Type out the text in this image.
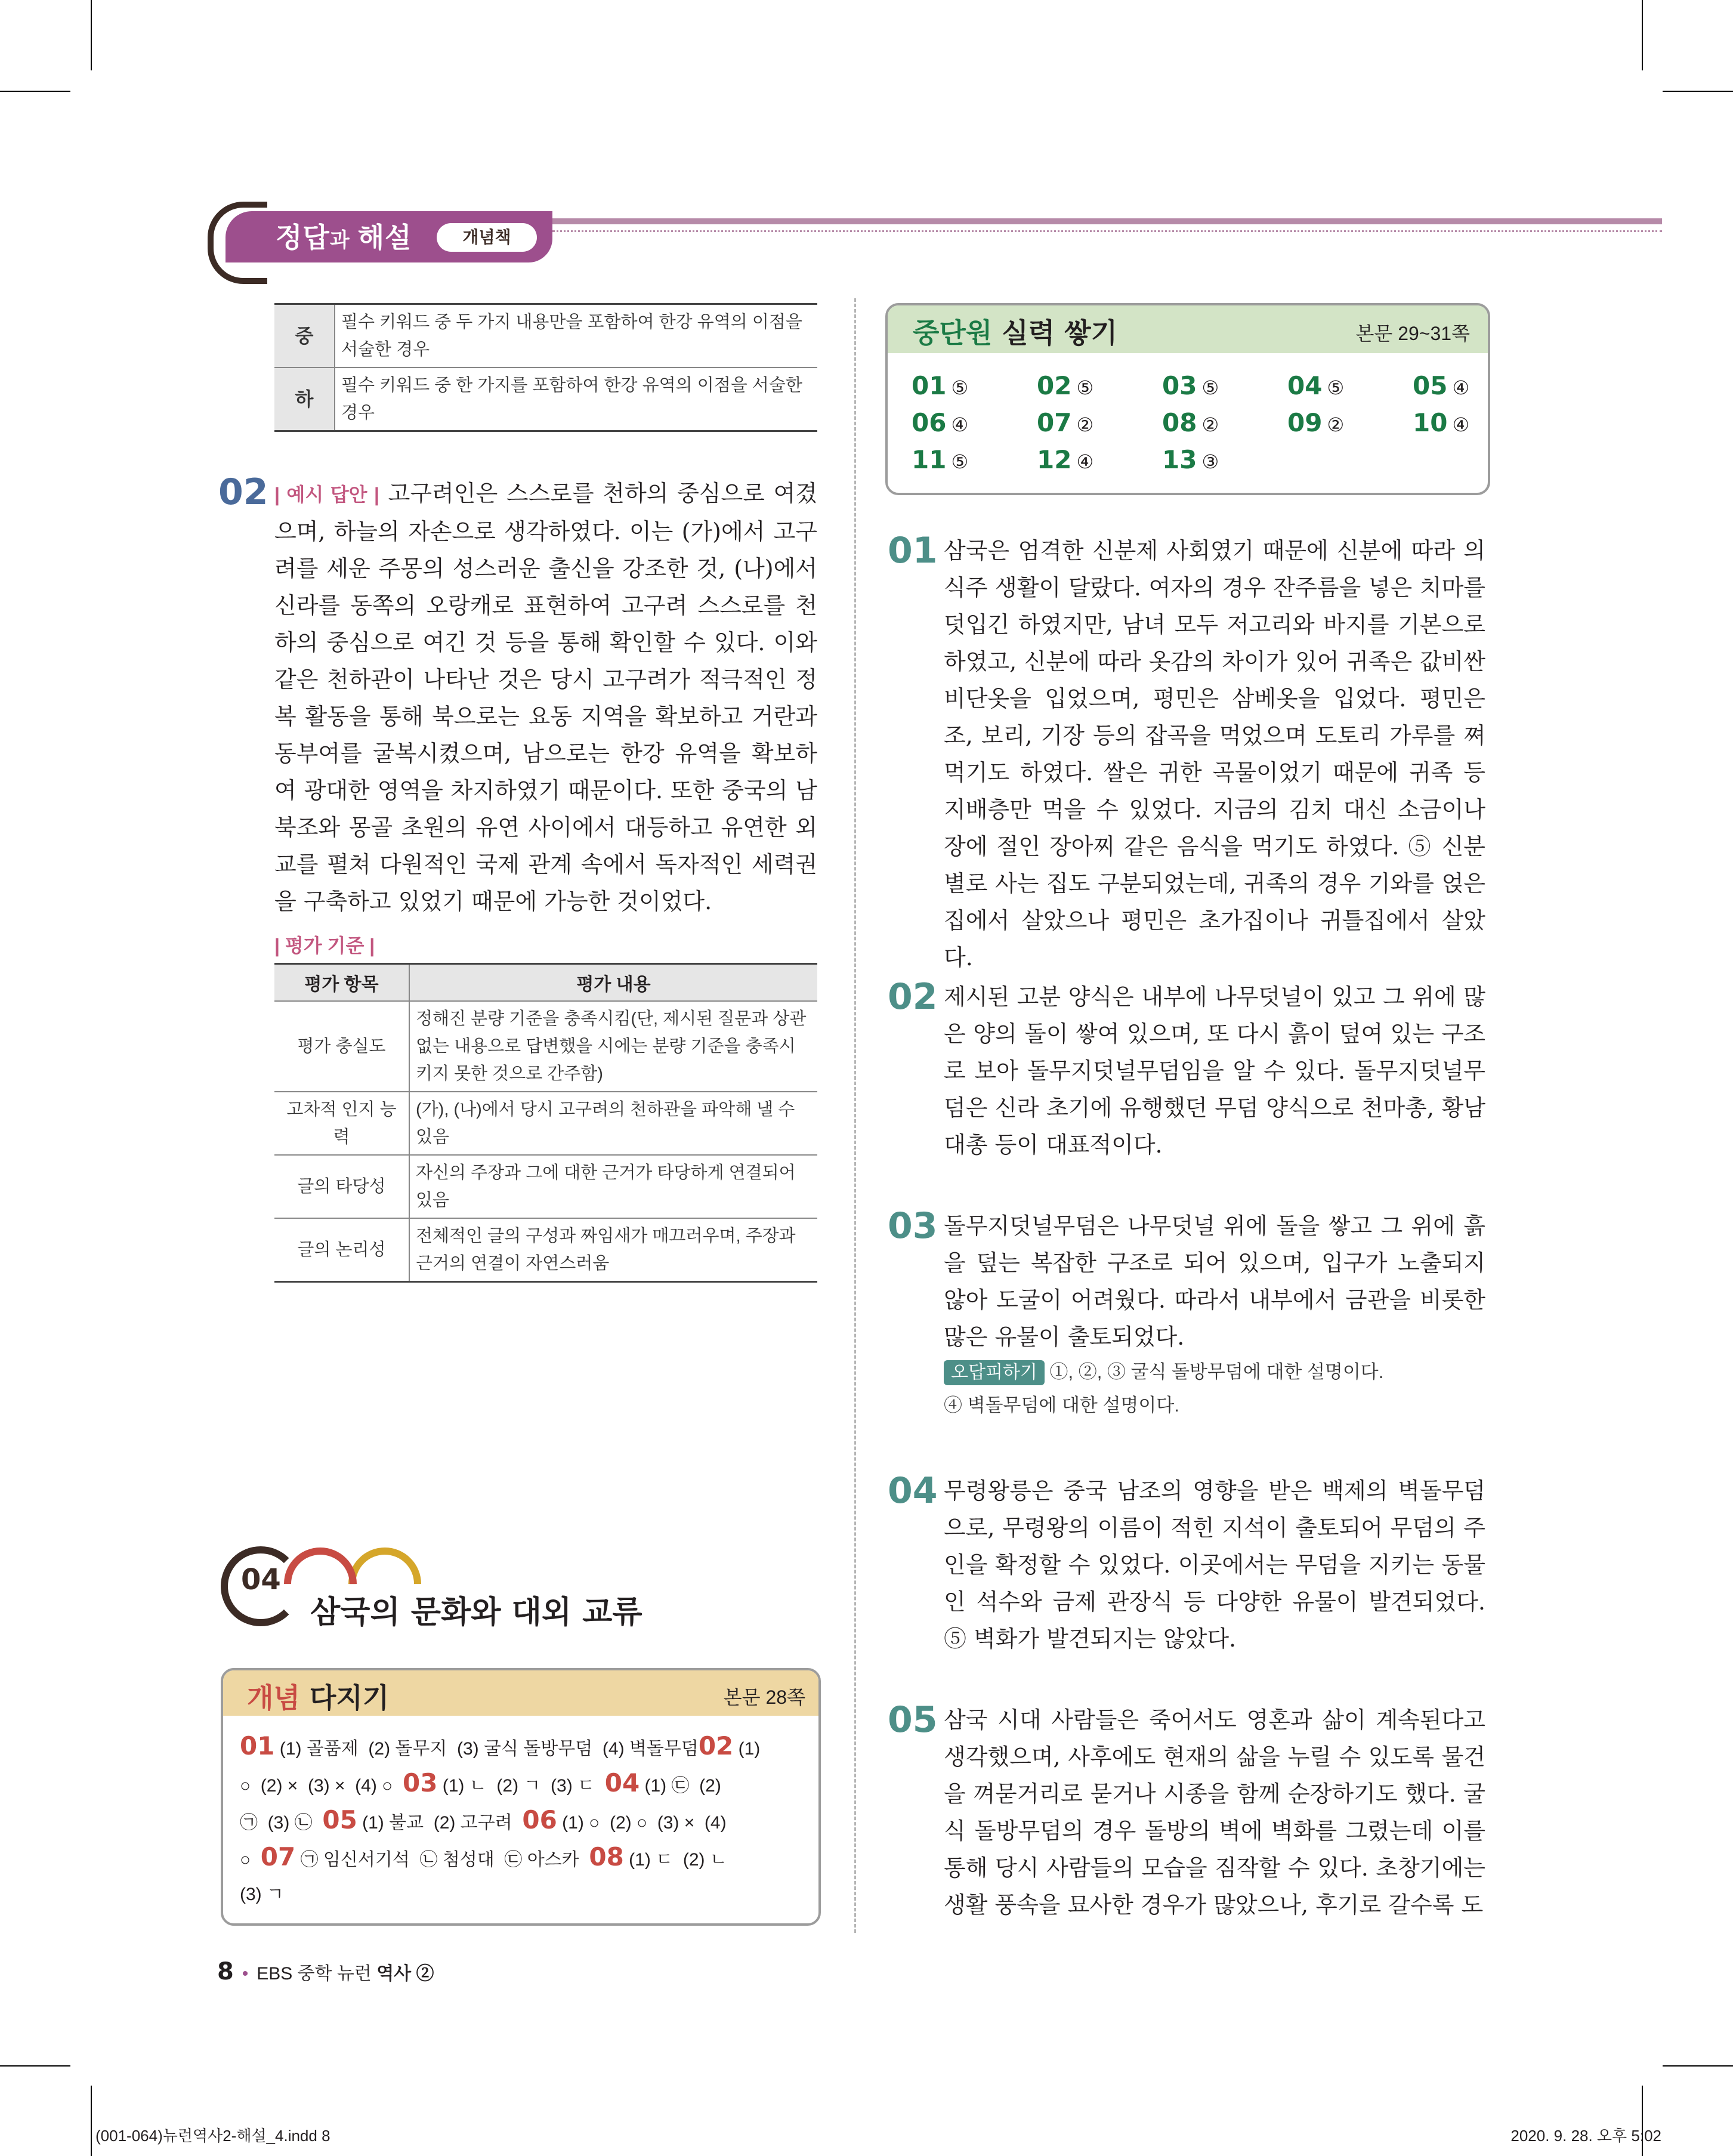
정답과 해설	개념책
중	필수 키워드 중 두 가지 내용만을 포함하여 한강 유역의 이점을 서술한 경우
하	필수 키워드 중 한 가지를 포함하여 한강 유역의 이점을 서술한 경우
02 | 예시 답안 | 고구려인은 스스로를 천하의 중심으로 여겼으며, 하늘의 자손으로 생각하였다. 이는 (가)에서 고구려를 세운 주몽의 성스러운 출신을 강조한 것, (나)에서 신라를 동쪽의 오랑캐로 표현하여 고구려 스스로를 천하의 중심으로 여긴 것 등을 통해 확인할 수 있다. 이와 같은 천하관이 나타난 것은 당시 고구려가 적극적인 정복 활동을 통해 북으로는 요동 지역을 확보하고 거란과 동부여를 굴복시켰으며, 남으로는 한강 유역을 확보하여 광대한 영역을 차지하였기 때문이다. 또한 중국의 남북조와 몽골 초원의 유연 사이에서 대등하고 유연한 외교를 펼쳐 다원적인 국제 관계 속에서 독자적인 세력권을 구축하고 있었기 때문에 가능한 것이었다.
| 평가 기준 |
평가 항목	평가 내용
평가 충실도	정해진 분량 기준을 충족시킴(단, 제시된 질문과 상관없는 내용으로 답변했을 시에는 분량 기준을 충족시키지 못한 것으로 간주함)
고차적 인지 능력	(가), (나)에서 당시 고구려의 천하관을 파악해 낼 수 있음
글의 타당성	자신의 주장과 그에 대한 근거가 타당하게 연결되어 있음
글의 논리성	전체적인 글의 구성과 짜임새가 매끄러우며, 주장과 근거의 연결이 자연스러움
04
삼국의 문화와 대외 교류
개념 다지기	본문 28쪽
01 (1) 골품제  (2) 돌무지  (3) 굴식 돌방무덤  (4) 벽돌무덤02 (1)
○  (2) ×  (3) ×  (4) ○  03 (1) ㄴ  (2) ㄱ  (3) ㄷ  04 (1) ㉢  (2)
㉠  (3) ㉡  05 (1) 불교  (2) 고구려  06 (1) ○  (2) ○  (3) ×  (4)
○  07 ㉠ 임신서기석  ㉡ 첨성대  ㉢ 아스카  08 (1) ㄷ  (2) ㄴ
(3) ㄱ
중단원 실력 쌓기	본문 29~31쪽
01 ⑤	02 ⑤	03 ⑤	04 ⑤	05 ④
06 ④	07 ②	08 ②	09 ②	10 ④
11 ⑤	12 ④	13 ③
01 삼국은 엄격한 신분제 사회였기 때문에 신분에 따라 의식주 생활이 달랐다. 여자의 경우 잔주름을 넣은 치마를 덧입긴 하였지만, 남녀 모두 저고리와 바지를 기본으로 하였고, 신분에 따라 옷감의 차이가 있어 귀족은 값비싼 비단옷을 입었으며, 평민은 삼베옷을 입었다. 평민은 조, 보리, 기장 등의 잡곡을 먹었으며 도토리 가루를 쪄먹기도 하였다. 쌀은 귀한 곡물이었기 때문에 귀족 등 지배층만 먹을 수 있었다. 지금의 김치 대신 소금이나 장에 절인 장아찌 같은 음식을 먹기도 하였다. ⑤ 신분별로 사는 집도 구분되었는데, 귀족의 경우 기와를 얹은 집에서 살았으나 평민은 초가집이나 귀틀집에서 살았다.
02 제시된 고분 양식은 내부에 나무덧널이 있고 그 위에 많은 양의 돌이 쌓여 있으며, 또 다시 흙이 덮여 있는 구조로 보아 돌무지덧널무덤임을 알 수 있다. 돌무지덧널무덤은 신라 초기에 유행했던 무덤 양식으로 천마총, 황남대총 등이 대표적이다.
03 돌무지덧널무덤은 나무덧널 위에 돌을 쌓고 그 위에 흙을 덮는 복잡한 구조로 되어 있으며, 입구가 노출되지 않아 도굴이 어려웠다. 따라서 내부에서 금관을 비롯한 많은 유물이 출토되었다.
오답피하기 ①, ②, ③ 굴식 돌방무덤에 대한 설명이다.
④ 벽돌무덤에 대한 설명이다.
04 무령왕릉은 중국 남조의 영향을 받은 백제의 벽돌무덤으로, 무령왕의 이름이 적힌 지석이 출토되어 무덤의 주인을 확정할 수 있었다. 이곳에서는 무덤을 지키는 동물인 석수와 금제 관장식 등 다양한 유물이 발견되었다. ⑤ 벽화가 발견되지는 않았다.
05 삼국 시대 사람들은 죽어서도 영혼과 삶이 계속된다고 생각했으며, 사후에도 현재의 삶을 누릴 수 있도록 물건을 껴묻거리로 묻거나 시종을 함께 순장하기도 했다. 굴식 돌방무덤의 경우 돌방의 벽에 벽화를 그렸는데 이를 통해 당시 사람들의 모습을 짐작할 수 있다. 초창기에는 생활 풍속을 묘사한 경우가 많았으나, 후기로 갈수록 도
8 • EBS 중학 뉴런 역사 ②
(001-064)뉴런역사2-해설_4.indd 8	2020. 9. 28. 오후 5:02
